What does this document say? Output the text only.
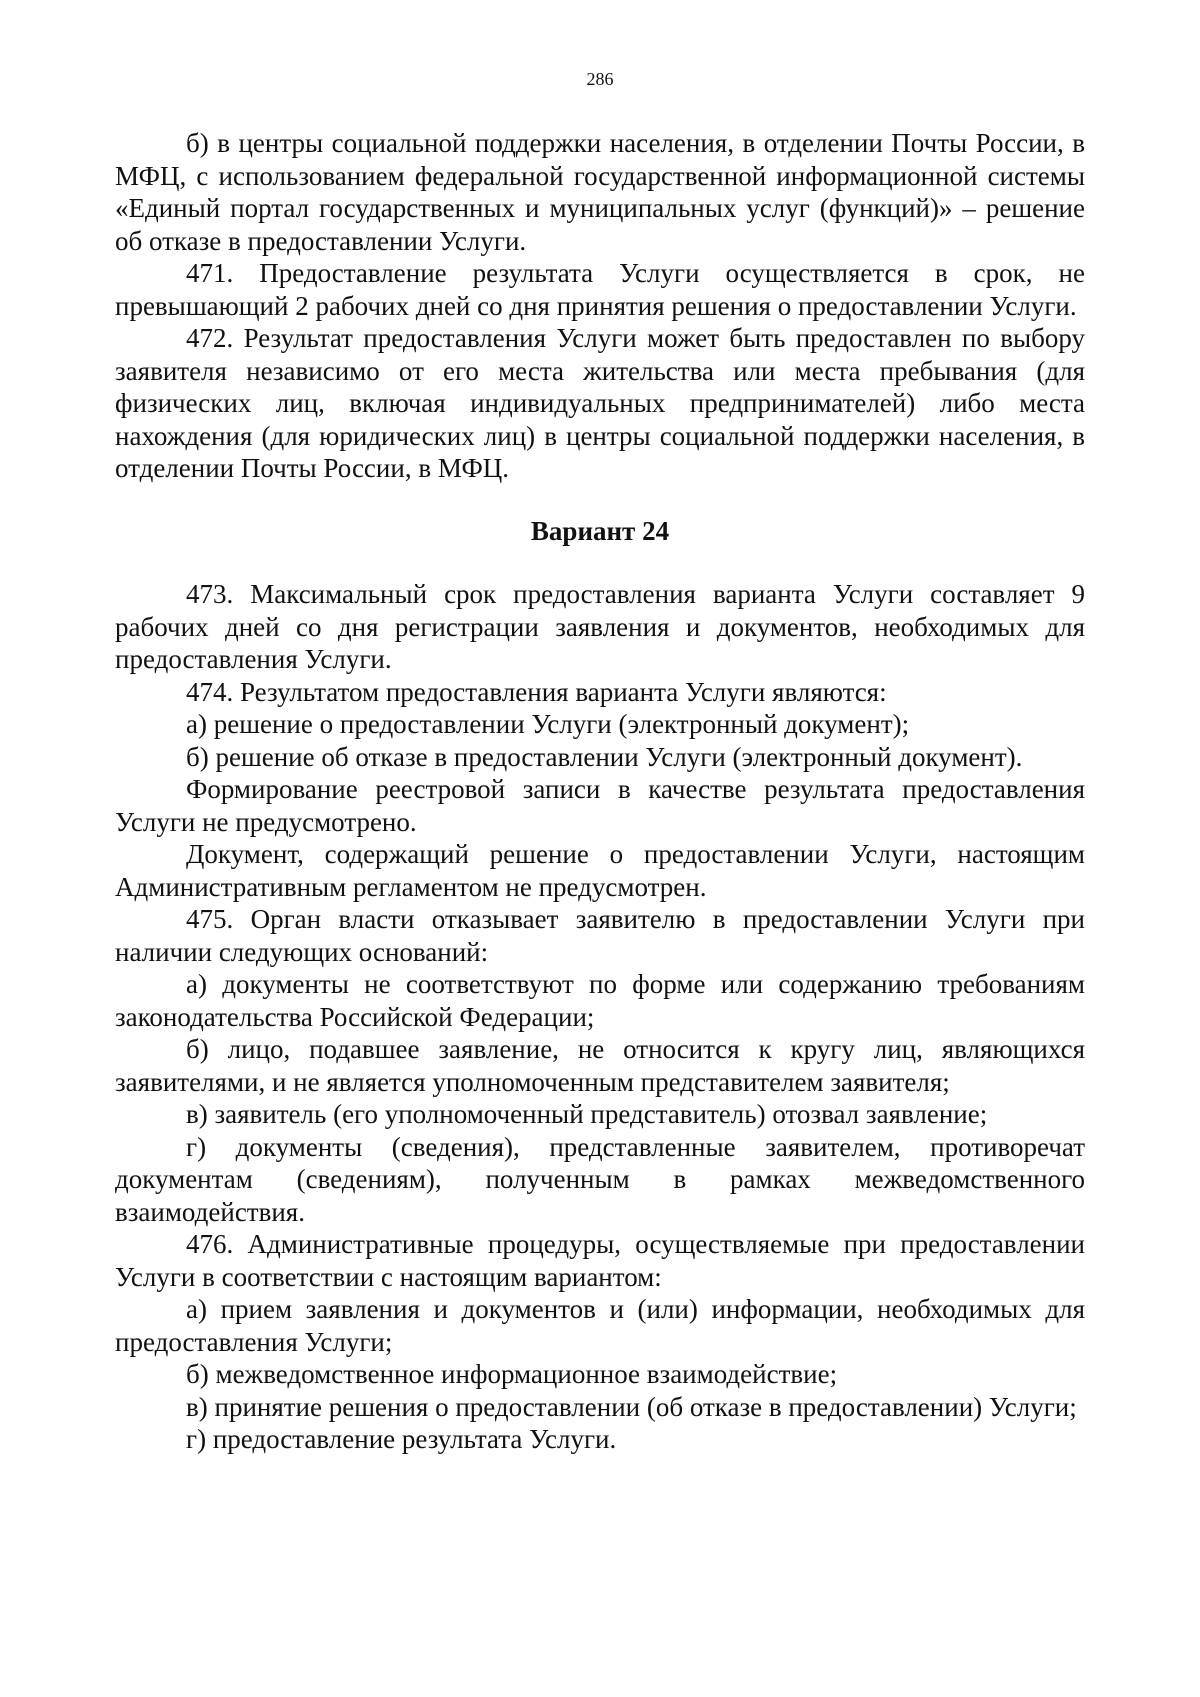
286

б) в центры социальной поддержки населения, в отделении Почты России, в МФЦ, с использованием федеральной государственной информационной системы «Единый портал государственных и муниципальных услуг (функций)» – решение об отказе в предоставлении Услуги.

471. Предоставление результата Услуги осуществляется в срок, не превышающий 2 рабочих дней со дня принятия решения о предоставлении Услуги.

472. Результат предоставления Услуги может быть предоставлен по выбору заявителя независимо от его места жительства или места пребывания (для физических лиц, включая индивидуальных предпринимателей) либо места нахождения (для юридических лиц) в центры социальной поддержки населения, в отделении Почты России, в МФЦ.

Вариант 24

473. Максимальный срок предоставления варианта Услуги составляет 9 рабочих дней со дня регистрации заявления и документов, необходимых для предоставления Услуги.

474. Результатом предоставления варианта Услуги являются:

а) решение о предоставлении Услуги (электронный документ);

б) решение об отказе в предоставлении Услуги (электронный документ).

Формирование реестровой записи в качестве результата предоставления Услуги не предусмотрено.

Документ, содержащий решение о предоставлении Услуги, настоящим Административным регламентом не предусмотрен.

475. Орган власти отказывает заявителю в предоставлении Услуги при наличии следующих оснований:

а) документы не соответствуют по форме или содержанию требованиям законодательства Российской Федерации;

б) лицо, подавшее заявление, не относится к кругу лиц, являющихся заявителями, и не является уполномоченным представителем заявителя;

в) заявитель (его уполномоченный представитель) отозвал заявление;

г) документы (сведения), представленные заявителем, противоречат документам (сведениям), полученным в рамках межведомственного взаимодействия.

476. Административные процедуры, осуществляемые при предоставлении Услуги в соответствии с настоящим вариантом:

а) прием заявления и документов и (или) информации, необходимых для предоставления Услуги;

б) межведомственное информационное взаимодействие;

в) принятие решения о предоставлении (об отказе в предоставлении) Услуги;

г) предоставление результата Услуги.
